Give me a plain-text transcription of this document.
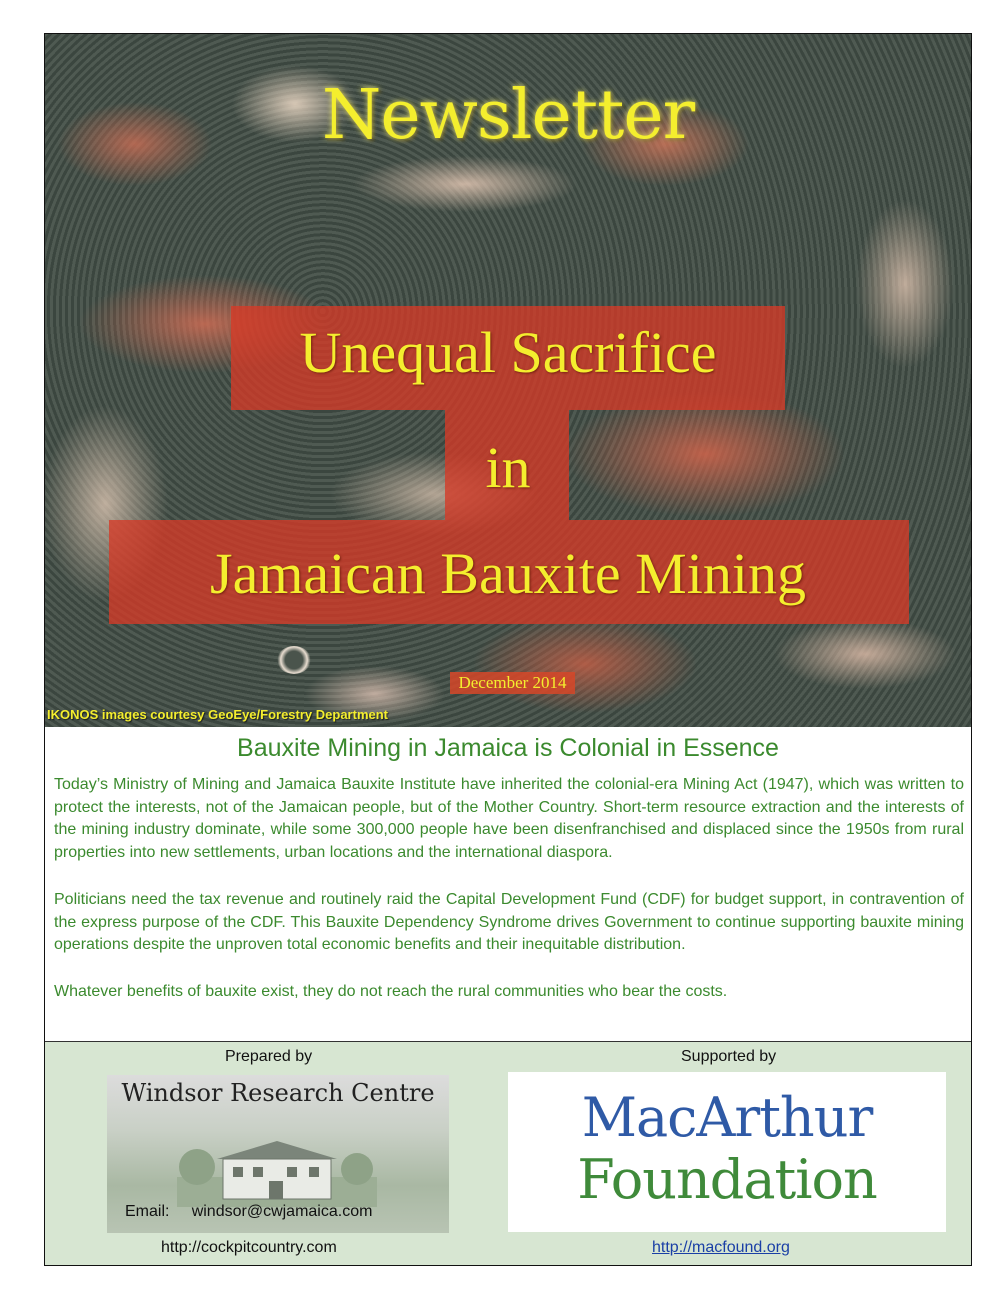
Newsletter
Unequal Sacrifice
in
Jamaican Bauxite Mining
December 2014
IKONOS images courtesy GeoEye/Forestry Department
Bauxite Mining in Jamaica is Colonial in Essence

Today’s Ministry of Mining and Jamaica Bauxite Institute have inherited the colonial-era Mining Act (1947), which was written to protect the interests, not of the Jamaican people, but of the Mother Country. Short-term resource extraction and the interests of the mining industry dominate, while some 300,000 people have been disenfranchised and displaced since the 1950s from rural properties into new settlements, urban locations and the international diaspora.

Politicians need the tax revenue and routinely raid the Capital Development Fund (CDF) for budget support, in contravention of the express purpose of the CDF. This Bauxite Dependency Syndrome drives Government to continue supporting bauxite mining operations despite the unproven total economic benefits and their inequitable distribution.

Whatever benefits of bauxite exist, they do not reach the rural communities who bear the costs.

Prepared by	Supported by
Windsor Research Centre
Email: windsor@cwjamaica.com
MacArthur
Foundation
http://cockpitcountry.com	http://macfound.org
